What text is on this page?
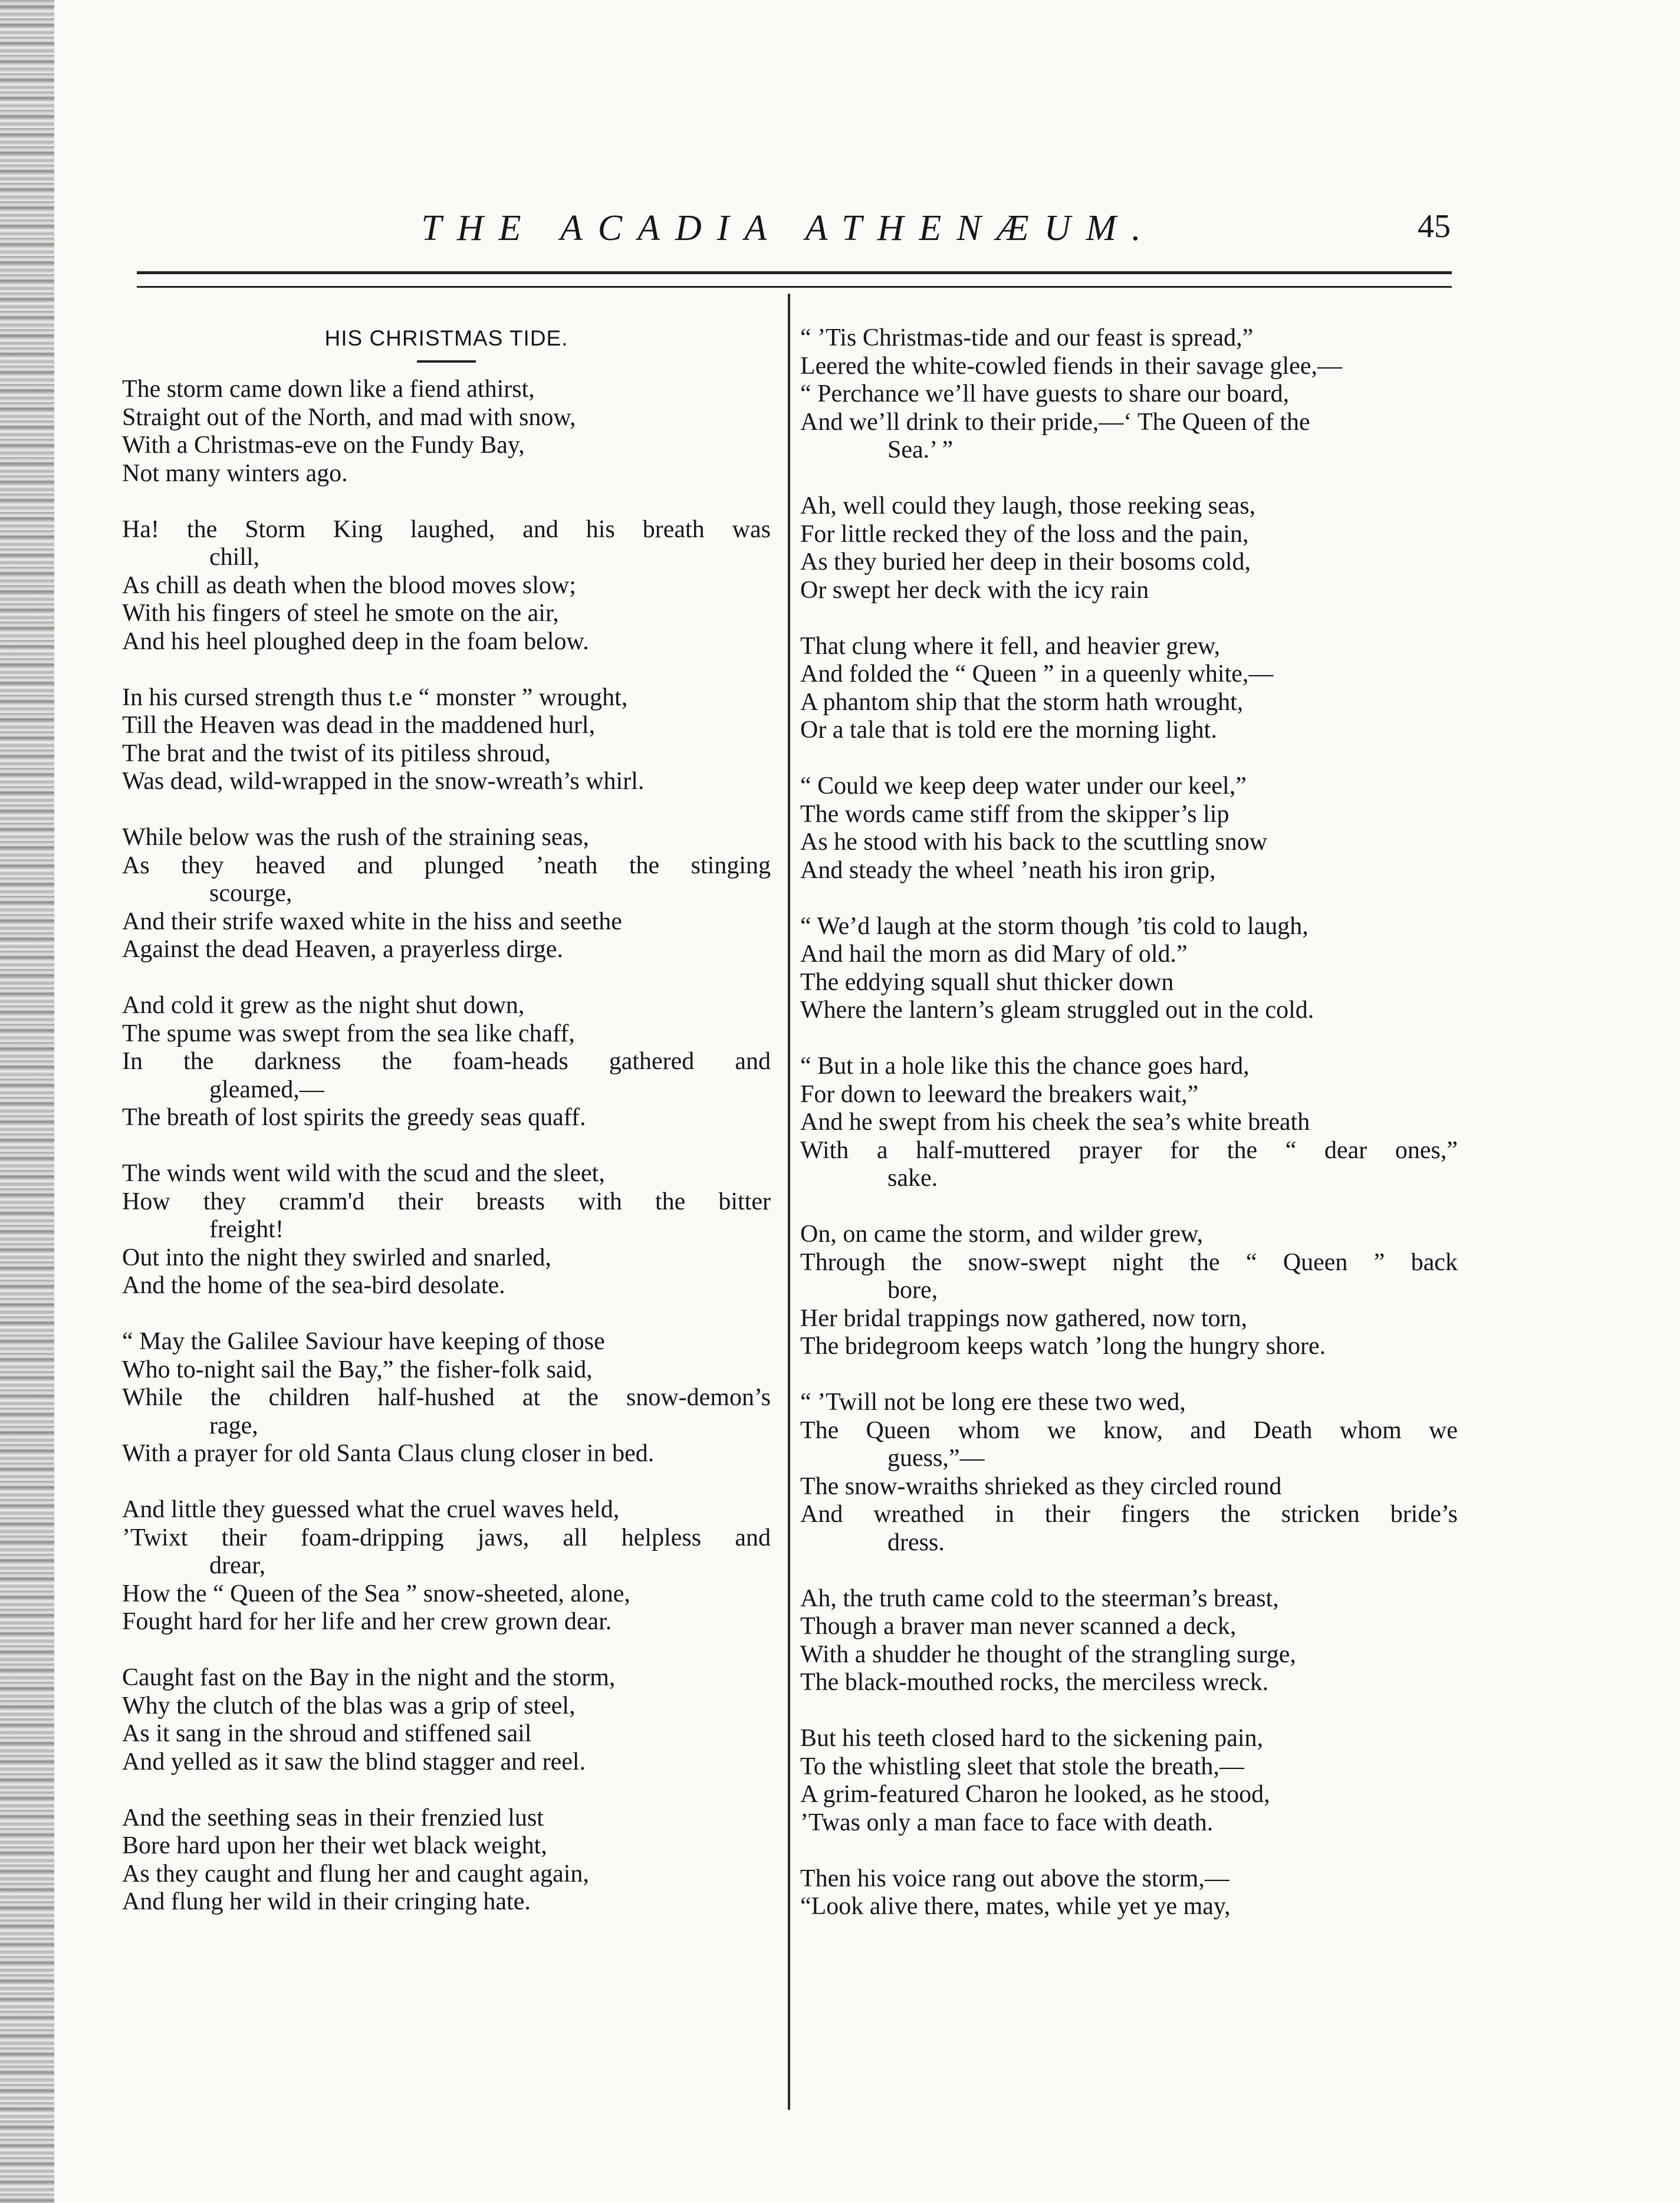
THE ACADIA ATHENÆUM.	45
HIS CHRISTMAS TIDE.
The storm came down like a fiend athirst,
Straight out of the North, and mad with snow,
With a Christmas-eve on the Fundy Bay,
Not many winters ago.
Ha! the Storm King laughed, and his breath was
chill,
As chill as death when the blood moves slow;
With his fingers of steel he smote on the air,
And his heel ploughed deep in the foam below.
In his cursed strength thus t.e “ monster ” wrought,
Till the Heaven was dead in the maddened hurl,
The brat and the twist of its pitiless shroud,
Was dead, wild-wrapped in the snow-wreath’s whirl.
While below was the rush of the straining seas,
As they heaved and plunged ’neath the stinging
scourge,
And their strife waxed white in the hiss and seethe
Against the dead Heaven, a prayerless dirge.
And cold it grew as the night shut down,
The spume was swept from the sea like chaff,
In the darkness the foam-heads gathered and
gleamed,—
The breath of lost spirits the greedy seas quaff.
The winds went wild with the scud and the sleet,
How they cramm'd their breasts with the bitter
freight!
Out into the night they swirled and snarled,
And the home of the sea-bird desolate.
“ May the Galilee Saviour have keeping of those
Who to-night sail the Bay,” the fisher-folk said,
While the children half-hushed at the snow-demon’s
rage,
With a prayer for old Santa Claus clung closer in bed.
And little they guessed what the cruel waves held,
’Twixt their foam-dripping jaws, all helpless and
drear,
How the “ Queen of the Sea ” snow-sheeted, alone,
Fought hard for her life and her crew grown dear.
Caught fast on the Bay in the night and the storm,
Why the clutch of the blas was a grip of steel,
As it sang in the shroud and stiffened sail
And yelled as it saw the blind stagger and reel.
And the seething seas in their frenzied lust
Bore hard upon her their wet black weight,
As they caught and flung her and caught again,
And flung her wild in their cringing hate.
“ ’Tis Christmas-tide and our feast is spread,”
Leered the white-cowled fiends in their savage glee,—
“ Perchance we’ll have guests to share our board,
And we’ll drink to their pride,—‘ The Queen of the
Sea.’ ”
Ah, well could they laugh, those reeking seas,
For little recked they of the loss and the pain,
As they buried her deep in their bosoms cold,
Or swept her deck with the icy rain
That clung where it fell, and heavier grew,
And folded the “ Queen ” in a queenly white,—
A phantom ship that the storm hath wrought,
Or a tale that is told ere the morning light.
“ Could we keep deep water under our keel,”
The words came stiff from the skipper’s lip
As he stood with his back to the scuttling snow
And steady the wheel ’neath his iron grip,
“ We’d laugh at the storm though ’tis cold to laugh,
And hail the morn as did Mary of old.”
The eddying squall shut thicker down
Where the lantern’s gleam struggled out in the cold.
“ But in a hole like this the chance goes hard,
For down to leeward the breakers wait,”
And he swept from his cheek the sea’s white breath
With a half-muttered prayer for the “ dear ones,”
sake.
On, on came the storm, and wilder grew,
Through the snow-swept night the “ Queen ” back
bore,
Her bridal trappings now gathered, now torn,
The bridegroom keeps watch ’long the hungry shore.
“ ’Twill not be long ere these two wed,
The Queen whom we know, and Death whom we
guess,”—
The snow-wraiths shrieked as they circled round
And wreathed in their fingers the stricken bride’s
dress.
Ah, the truth came cold to the steerman’s breast,
Though a braver man never scanned a deck,
With a shudder he thought of the strangling surge,
The black-mouthed rocks, the merciless wreck.
But his teeth closed hard to the sickening pain,
To the whistling sleet that stole the breath,—
A grim-featured Charon he looked, as he stood,
’Twas only a man face to face with death.
Then his voice rang out above the storm,—
“Look alive there, mates, while yet ye may,
